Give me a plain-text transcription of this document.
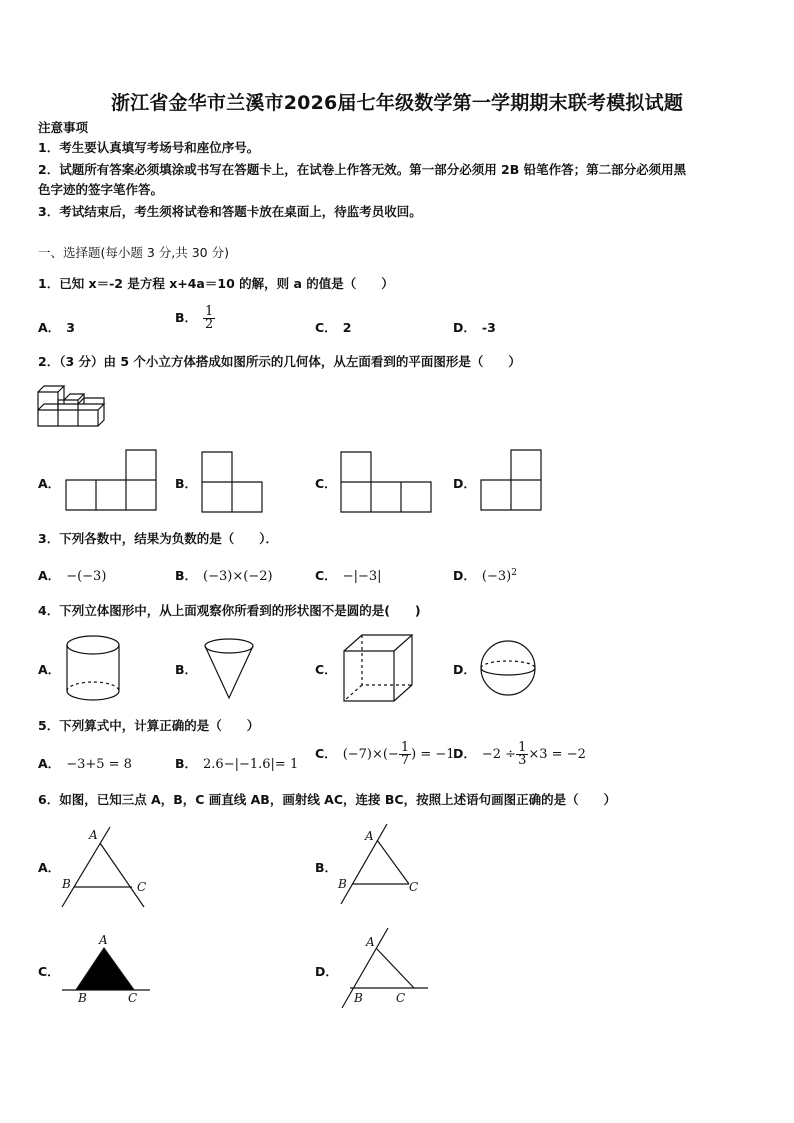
浙江省金华市兰溪市2026届七年级数学第一学期期末联考模拟试题
注意事项
1．考生要认真填写考场号和座位序号。
2．试题所有答案必须填涂或书写在答题卡上，在试卷上作答无效。第一部分必须用 2B 铅笔作答；第二部分必须用黑
色字迹的签字笔作答。
3．考试结束后，考生须将试卷和答题卡放在桌面上，待监考员收回。
一、选择题(每小题 3 分,共 30 分)
1．已知 x＝-2 是方程 x+4a＝10 的解，则 a 的值是（　　）
A． 3
B． $\frac{1}{2}$	C． 2	D． -3
2．（3 分）由 5 个小立方体搭成如图所示的几何体，从左面看到的平面图形是（　　）
A．	B．	C．	D．
3．下列各数中，结果为负数的是（　　）．
A． −(−3)	B． (−3)×(−2)	C． −|−3|	D． $(-3)^2$
4．下列立体图形中，从上面观察你所看到的形状图不是圆的是(　　)
A．	B．	C．	D．
5．下列算式中，计算正确的是（　　）
A． −3+5 = 8	B． 2.6−|−1.6|= 1
C． $(-7)\times(- \frac{1}{7}$ ) = −1
D． $-2 \div \frac{1}{3} \times 3 = -2$
6．如图，已知三点 A，B，C 画直线 AB，画射线 AC，连接 BC，按照上述语句画图正确的是（　　）
A．
A
B	C
B．
A
B	C
C．
A
B	C
D．
A
B	C
